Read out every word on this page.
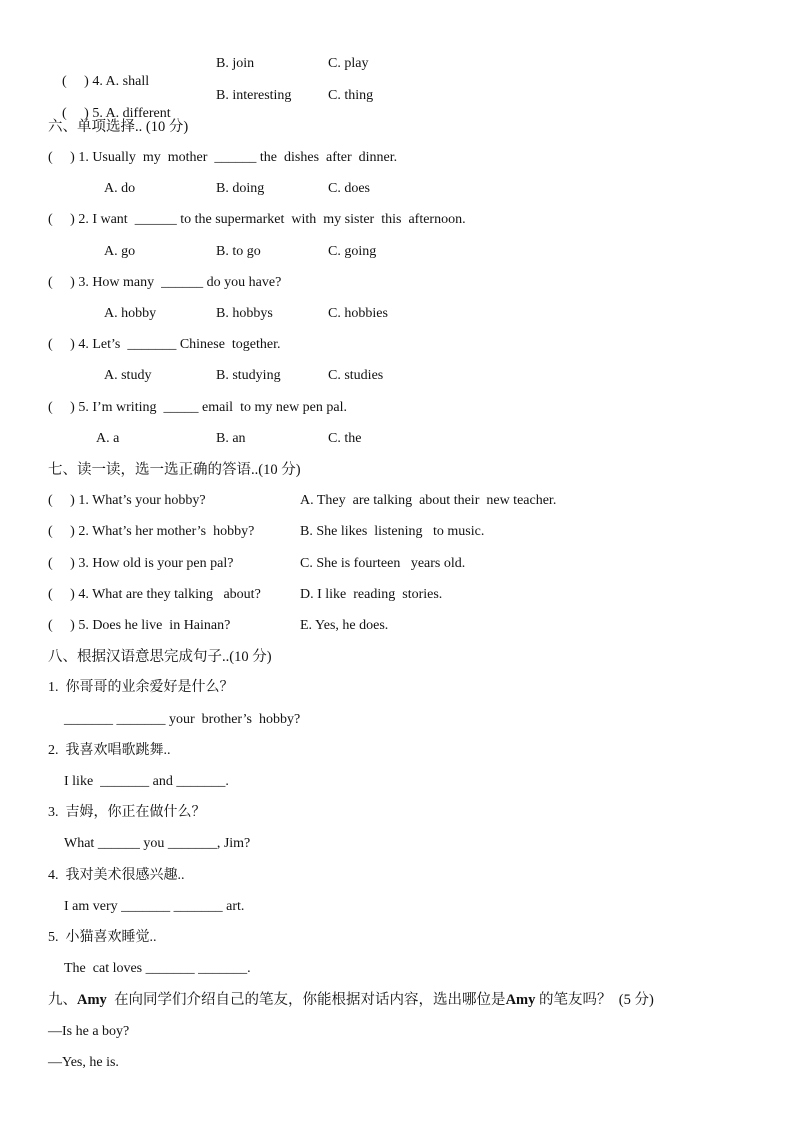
(     ) 4. A. shall

B. join	C. play

(     ) 5. A. different

B. interesting	C. thing
六、单项选择.. (10 分)
(     ) 1. Usually  my  mother  ______ the  dishes  after  dinner.
A. do	B. doing	C. does
(     ) 2. I want  ______ to the supermarket  with  my sister  this  afternoon.
A. go	B. to go	C. going
(     ) 3. How many  ______ do you have?
A. hobby	B. hobbys	C. hobbies
(     ) 4. Let’s  _______ Chinese  together.
A. study	B. studying	C. studies
(     ) 5. I’m writing  _____ email  to my new pen pal.
A. a	B. an	C. the
七、读一读，选一选正确的答语..(10 分)
(     ) 1. What’s your hobby?	A. They  are talking  about their  new teacher.
(     ) 2. What’s her mother’s  hobby?	B. She likes  listening   to music.
(     ) 3. How old is your pen pal?	C. She is fourteen   years old.
(     ) 4. What are they talking   about?	D. I like  reading  stories.
(     ) 5. Does he live  in Hainan?	E. Yes, he does.
八、根据汉语意思完成句子..(10 分)
1.  你哥哥的业余爱好是什么？
_______ _______ your  brother’s  hobby?
2.  我喜欢唱歌跳舞..
I like  _______ and _______.
3.  吉姆，你正在做什么？
What ______ you _______, Jim?
4.  我对美术很感兴趣..
I am very _______ _______ art.
5.  小猫喜欢睡觉..
The  cat loves _______ _______.
九、Amy  在向同学们介绍自己的笔友，你能根据对话内容，选出哪位是Amy 的笔友吗？  (5 分)
—Is he a boy?
—Yes, he is.
